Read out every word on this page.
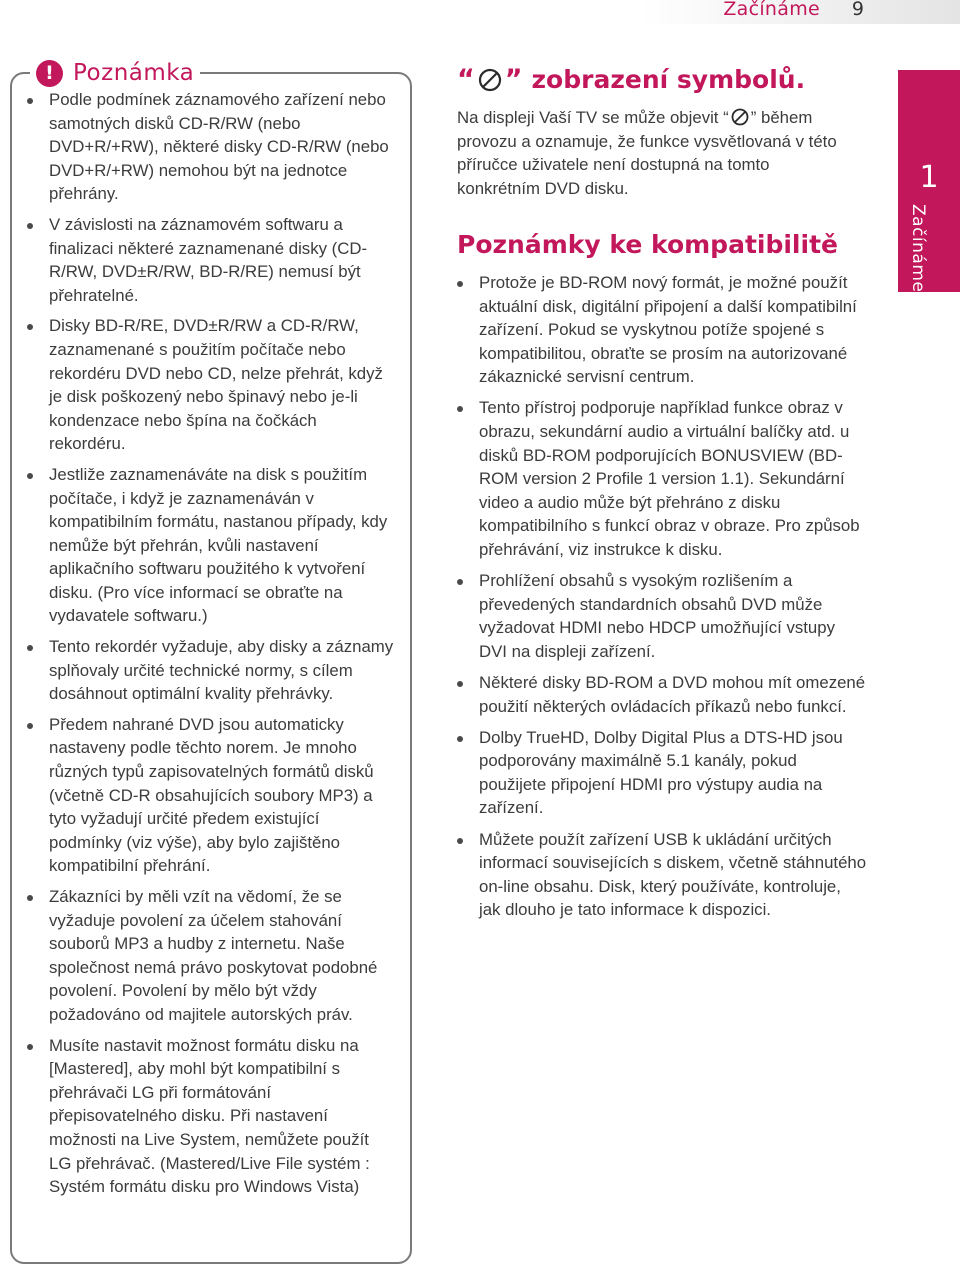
Začínáme 9
! Poznámka
Podle podmínek záznamového zařízení nebo samotných disků CD-R/RW (nebo DVD+R/+RW), některé disky CD-R/RW (nebo DVD+R/+RW) nemohou být na jednotce přehrány.
V závislosti na záznamovém softwaru a finalizaci některé zaznamenané disky (CD-R/RW, DVD±R/RW, BD-R/RE) nemusí být přehratelné.
Disky BD-R/RE, DVD±R/RW a CD-R/RW, zaznamenané s použitím počítače nebo rekordéru DVD nebo CD, nelze přehrát, když je disk poškozený nebo špinavý nebo je-li kondenzace nebo špína na čočkách rekordéru.
Jestliže zaznamenáváte na disk s použitím počítače, i když je zaznamenáván v kompatibilním formátu, nastanou případy, kdy nemůže být přehrán, kvůli nastavení aplikačního softwaru použitého k vytvoření disku. (Pro více informací se obraťte na vydavatele softwaru.)
Tento rekordér vyžaduje, aby disky a záznamy splňovaly určité technické normy, s cílem dosáhnout optimální kvality přehrávky.
Předem nahrané DVD jsou automaticky nastaveny podle těchto norem. Je mnoho různých typů zapisovatelných formátů disků (včetně CD-R obsahujících soubory MP3) a tyto vyžadují určité předem existující podmínky (viz výše), aby bylo zajištěno kompatibilní přehrání.
Zákazníci by měli vzít na vědomí, že se vyžaduje povolení za účelem stahování souborů MP3 a hudby z internetu. Naše společnost nemá právo poskytovat podobné povolení. Povolení by mělo být vždy požadováno od majitele autorských práv.
Musíte nastavit možnost formátu disku na [Mastered], aby mohl být kompatibilní s přehrávači LG při formátování přepisovatelného disku. Při nastavení možnosti na Live System, nemůžete použít LG přehrávač. (Mastered/Live File systém : Systém formátu disku pro Windows Vista)
“ ” zobrazení symbolů.
Na displeji Vaší TV se může objevit “ ” během provozu a oznamuje, že funkce vysvětlovaná v této příručce uživatele není dostupná na tomto konkrétním DVD disku.
Poznámky ke kompatibilitě
Protože je BD-ROM nový formát, je možné použít aktuální disk, digitální připojení a další kompatibilní zařízení. Pokud se vyskytnou potíže spojené s kompatibilitou, obraťte se prosím na autorizované zákaznické servisní centrum.
Tento přístroj podporuje například funkce obraz v obrazu, sekundární audio a virtuální balíčky atd. u disků BD-ROM podporujících BONUSVIEW (BD-ROM version 2 Profile 1 version 1.1). Sekundární video a audio může být přehráno z disku kompatibilního s funkcí obraz v obraze. Pro způsob přehrávání, viz instrukce k disku.
Prohlížení obsahů s vysokým rozlišením a převedených standardních obsahů DVD může vyžadovat HDMI nebo HDCP umožňující vstupy DVI na displeji zařízení.
Některé disky BD-ROM a DVD mohou mít omezené použití některých ovládacích příkazů nebo funkcí.
Dolby TrueHD, Dolby Digital Plus a DTS-HD jsou podporovány maximálně 5.1 kanály, pokud použijete připojení HDMI pro výstupy audia na zařízení.
Můžete použít zařízení USB k ukládání určitých informací souvisejících s diskem, včetně stáhnutého on-line obsahu. Disk, který používáte, kontroluje, jak dlouho je tato informace k dispozici.
1
Začínáme
